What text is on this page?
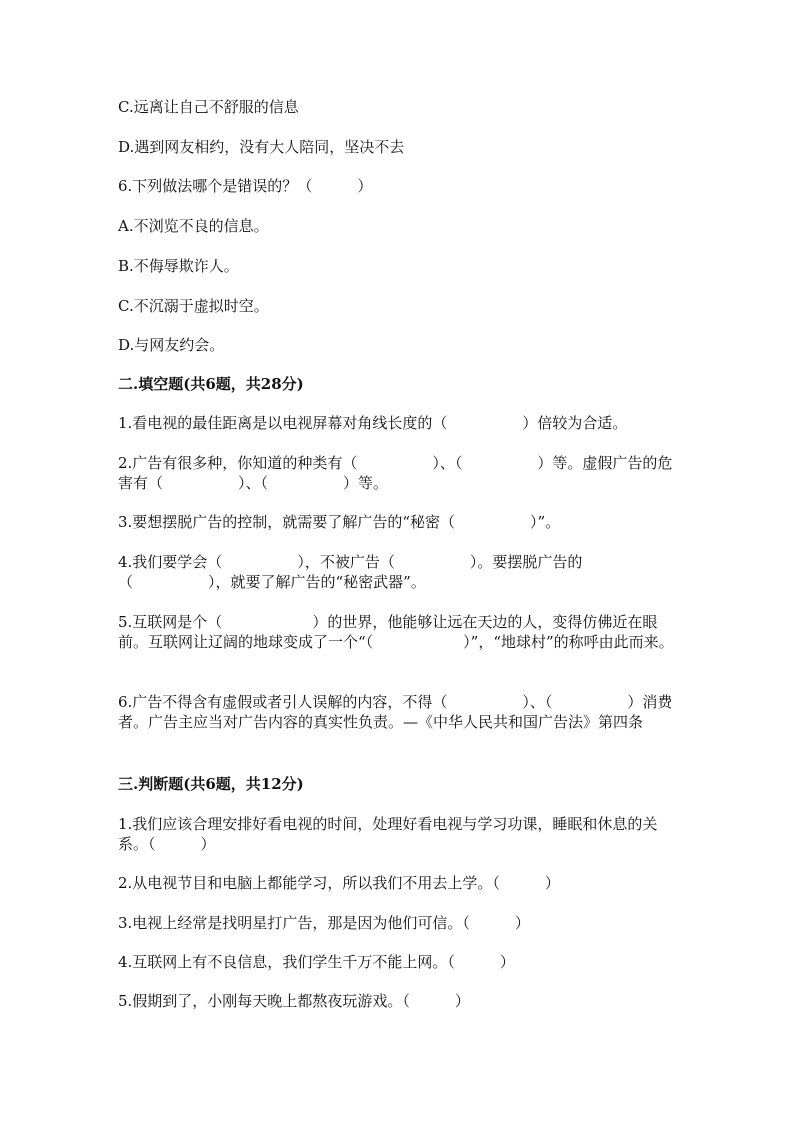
C.远离让自己不舒服的信息
D.遇到网友相约，没有大人陪同，坚决不去
6.下列做法哪个是错误的？（　　　）
A.不浏览不良的信息。
B.不侮辱欺诈人。
C.不沉溺于虚拟时空。
D.与网友约会。
二.填空题(共6题，共28分)
1.看电视的最佳距离是以电视屏幕对角线长度的（　　　　　）倍较为合适。
2.广告有很多种，你知道的种类有（　　　　　）、（　　　　　）等。虚假广告的危害有（　　　　　）、（　　　　　）等。
3.要想摆脱广告的控制，就需要了解广告的“秘密（　　　　　）”。
4.我们要学会（　　　　　），不被广告（　　　　　）。要摆脱广告的（　　　　　），就要了解广告的“秘密武器”。
5.互联网是个（　　　　　　）的世界，他能够让远在天边的人，变得仿佛近在眼前。互联网让辽阔的地球变成了一个“（　　　　　　）”，“地球村”的称呼由此而来。
6.广告不得含有虚假或者引人误解的内容，不得（　　　　　）、（　　　　　）消费者。广告主应当对广告内容的真实性负责。—《中华人民共和国广告法》第四条
三.判断题(共6题，共12分)
1.我们应该合理安排好看电视的时间，处理好看电视与学习功课，睡眠和休息的关系。（　　　）
2.从电视节目和电脑上都能学习，所以我们不用去上学。（　　　）
3.电视上经常是找明星打广告，那是因为他们可信。（　　　）
4.互联网上有不良信息，我们学生千万不能上网。（　　　）
5.假期到了，小刚每天晚上都熬夜玩游戏。（　　　）
